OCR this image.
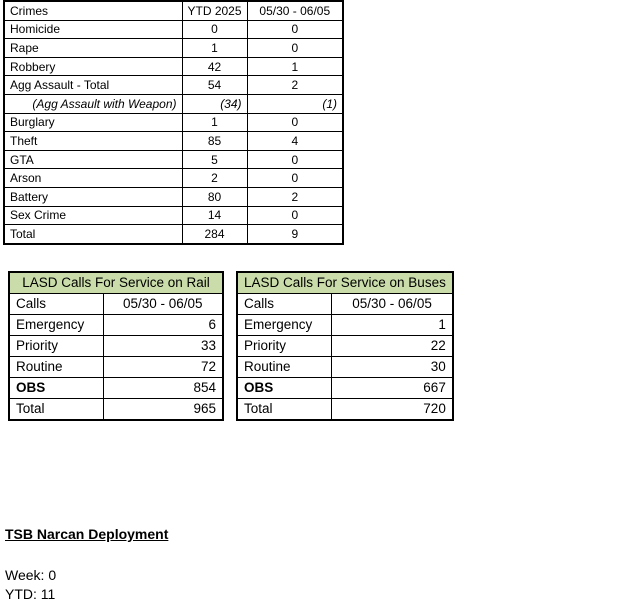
Crimes	YTD 2025	05/30 - 06/05
Homicide	0	0
Rape	1	0
Robbery	42	1
Agg Assault - Total	54	2
(Agg Assault with Weapon)	(34)	(1)
Burglary	1	0
Theft	85	4
GTA	5	0
Arson	2	0
Battery	80	2
Sex Crime	14	0
Total	284	9
LASD Calls For Service on Rail	
Calls	05/30 - 06/05
Emergency	6
Priority	33
Routine	72
OBS	854
Total	965
LASD Calls For Service on Buses	
Calls	05/30 - 06/05
Emergency	1
Priority	22
Routine	30
OBS	667
Total	720
TSB Narcan Deployment
Week: 0
YTD: 11
